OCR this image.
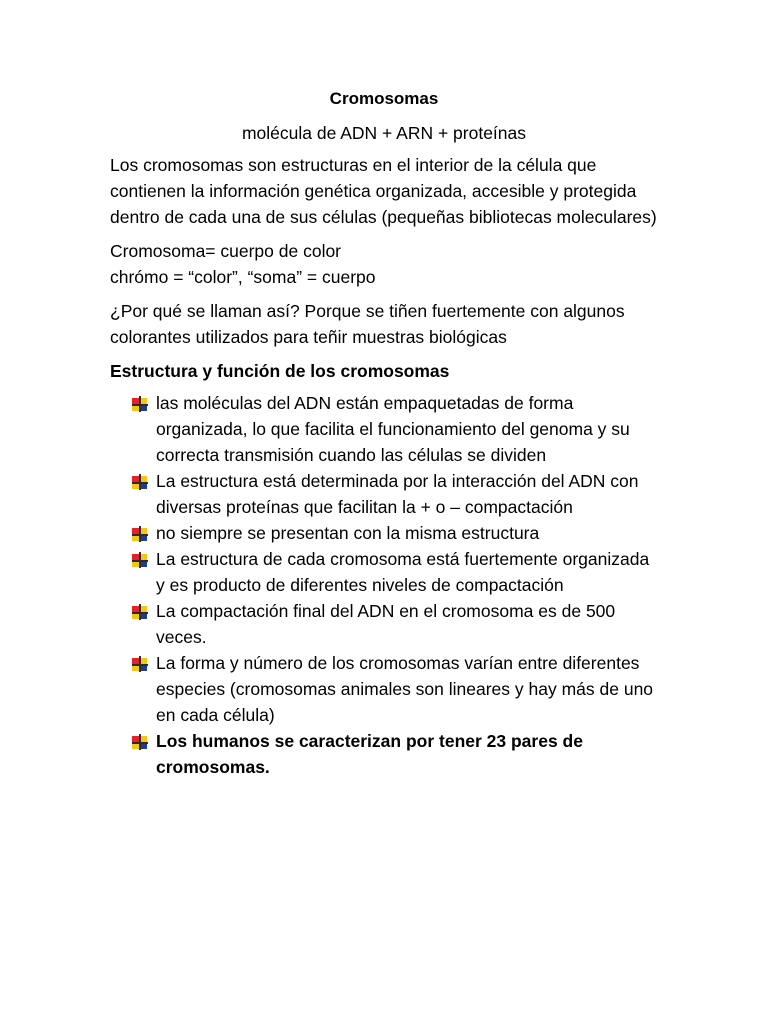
Cromosomas
molécula de ADN + ARN + proteínas

Los cromosomas son estructuras en el interior de la célula que contienen la información genética organizada, accesible y protegida dentro de cada una de sus células (pequeñas bibliotecas moleculares)

Cromosoma= cuerpo de color
chrómo = “color”, “soma” = cuerpo

¿Por qué se llaman así? Porque se tiñen fuertemente con algunos colorantes utilizados para teñir muestras biológicas

Estructura y función de los cromosomas
las moléculas del ADN están empaquetadas de forma organizada, lo que facilita el funcionamiento del genoma y su correcta transmisión cuando las células se dividen
La estructura está determinada por la interacción del ADN con diversas proteínas que facilitan la + o – compactación
no siempre se presentan con la misma estructura
La estructura de cada cromosoma está fuertemente organizada y es producto de diferentes niveles de compactación
La compactación final del ADN en el cromosoma es de 500 veces.
La forma y número de los cromosomas varían entre diferentes especies (cromosomas animales son lineares y hay más de uno en cada célula)
Los humanos se caracterizan por tener 23 pares de cromosomas.
